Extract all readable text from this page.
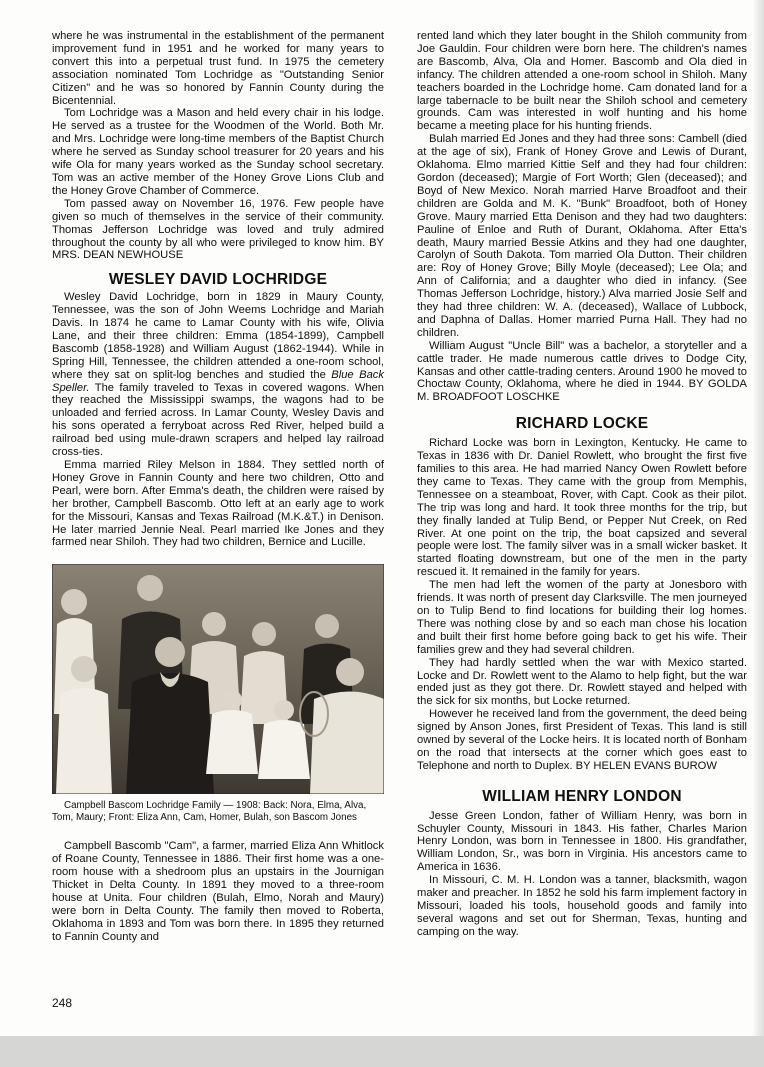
where he was instrumental in the establishment of the permanent improvement fund in 1951 and he worked for many years to convert this into a perpetual trust fund. In 1975 the cemetery association nominated Tom Lochridge as "Outstanding Senior Citizen" and he was so honored by Fannin County during the Bicentennial.

Tom Lochridge was a Mason and held every chair in his lodge. He served as a trustee for the Woodmen of the World. Both Mr. and Mrs. Lochridge were long-time members of the Baptist Church where he served as Sunday school treasurer for 20 years and his wife Ola for many years worked as the Sunday school secretary. Tom was an active member of the Honey Grove Lions Club and the Honey Grove Chamber of Commerce.

Tom passed away on November 16, 1976. Few people have given so much of themselves in the service of their community. Thomas Jefferson Lochridge was loved and truly admired throughout the county by all who were privileged to know him. BY MRS. DEAN NEWHOUSE

WESLEY DAVID LOCHRIDGE

Wesley David Lochridge, born in 1829 in Maury County, Tennessee, was the son of John Weems Lochridge and Mariah Davis. In 1874 he came to Lamar County with his wife, Olivia Lane, and their three children: Emma (1854-1899), Campbell Bascomb (1858-1928) and William August (1862-1944). While in Spring Hill, Tennessee, the children attended a one-room school, where they sat on split-log benches and studied the Blue Back Speller. The family traveled to Texas in covered wagons. When they reached the Mississippi swamps, the wagons had to be unloaded and ferried across. In Lamar County, Wesley Davis and his sons operated a ferryboat across Red River, helped build a railroad bed using mule-drawn scrapers and helped lay railroad cross-ties.

Emma married Riley Melson in 1884. They settled north of Honey Grove in Fannin County and here two children, Otto and Pearl, were born. After Emma's death, the children were raised by her brother, Campbell Bascomb. Otto left at an early age to work for the Missouri, Kansas and Texas Railroad (M.K.&T.) in Denison. He later married Jennie Neal. Pearl married Ike Jones and they farmed near Shiloh. They had two children, Bernice and Lucille.

Campbell Bascom Lochridge Family — 1908: Back: Nora, Elma, Alva, Tom, Maury; Front: Eliza Ann, Cam, Homer, Bulah, son Bascom Jones

Campbell Bascomb "Cam", a farmer, married Eliza Ann Whitlock of Roane County, Tennessee in 1886. Their first home was a one-room house with a shedroom plus an upstairs in the Journigan Thicket in Delta County. In 1891 they moved to a three-room house at Unita. Four children (Bulah, Elmo, Norah and Maury) were born in Delta County. The family then moved to Roberta, Oklahoma in 1893 and Tom was born there. In 1895 they returned to Fannin County and

rented land which they later bought in the Shiloh community from Joe Gauldin. Four children were born here. The children's names are Bascomb, Alva, Ola and Homer. Bascomb and Ola died in infancy. The children attended a one-room school in Shiloh. Many teachers boarded in the Lochridge home. Cam donated land for a large tabernacle to be built near the Shiloh school and cemetery grounds. Cam was interested in wolf hunting and his home became a meeting place for his hunting friends.

Bulah married Ed Jones and they had three sons: Cambell (died at the age of six), Frank of Honey Grove and Lewis of Durant, Oklahoma. Elmo married Kittie Self and they had four children: Gordon (deceased); Margie of Fort Worth; Glen (deceased); and Boyd of New Mexico. Norah married Harve Broadfoot and their children are Golda and M. K. "Bunk" Broadfoot, both of Honey Grove. Maury married Etta Denison and they had two daughters: Pauline of Enloe and Ruth of Durant, Oklahoma. After Etta's death, Maury married Bessie Atkins and they had one daughter, Carolyn of South Dakota. Tom married Ola Dutton. Their children are: Roy of Honey Grove; Billy Moyle (deceased); Lee Ola; and Ann of California; and a daughter who died in infancy. (See Thomas Jefferson Lochridge, history.) Alva married Josie Self and they had three children: W. A. (deceased), Wallace of Lubbock, and Daphna of Dallas. Homer married Purna Hall. They had no children.

William August "Uncle Bill" was a bachelor, a storyteller and a cattle trader. He made numerous cattle drives to Dodge City, Kansas and other cattle-trading centers. Around 1900 he moved to Choctaw County, Oklahoma, where he died in 1944. BY GOLDA M. BROADFOOT LOSCHKE

RICHARD LOCKE

Richard Locke was born in Lexington, Kentucky. He came to Texas in 1836 with Dr. Daniel Rowlett, who brought the first five families to this area. He had married Nancy Owen Rowlett before they came to Texas. They came with the group from Memphis, Tennessee on a steamboat, Rover, with Capt. Cook as their pilot. The trip was long and hard. It took three months for the trip, but they finally landed at Tulip Bend, or Pepper Nut Creek, on Red River. At one point on the trip, the boat capsized and several people were lost. The family silver was in a small wicker basket. It started floating downstream, but one of the men in the party rescued it. It remained in the family for years.

The men had left the women of the party at Jonesboro with friends. It was north of present day Clarksville. The men journeyed on to Tulip Bend to find locations for building their log homes. There was nothing close by and so each man chose his location and built their first home before going back to get his wife. Their families grew and they had several children.

They had hardly settled when the war with Mexico started. Locke and Dr. Rowlett went to the Alamo to help fight, but the war ended just as they got there. Dr. Rowlett stayed and helped with the sick for six months, but Locke returned.

However he received land from the government, the deed being signed by Anson Jones, first President of Texas. This land is still owned by several of the Locke heirs. It is located north of Bonham on the road that intersects at the corner which goes east to Telephone and north to Duplex. BY HELEN EVANS BUROW

WILLIAM HENRY LONDON

Jesse Green London, father of William Henry, was born in Schuyler County, Missouri in 1843. His father, Charles Marion Henry London, was born in Tennessee in 1800. His grandfather, William London, Sr., was born in Virginia. His ancestors came to America in 1636.

In Missouri, C. M. H. London was a tanner, blacksmith, wagon maker and preacher. In 1852 he sold his farm implement factory in Missouri, loaded his tools, household goods and family into several wagons and set out for Sherman, Texas, hunting and camping on the way.

248
